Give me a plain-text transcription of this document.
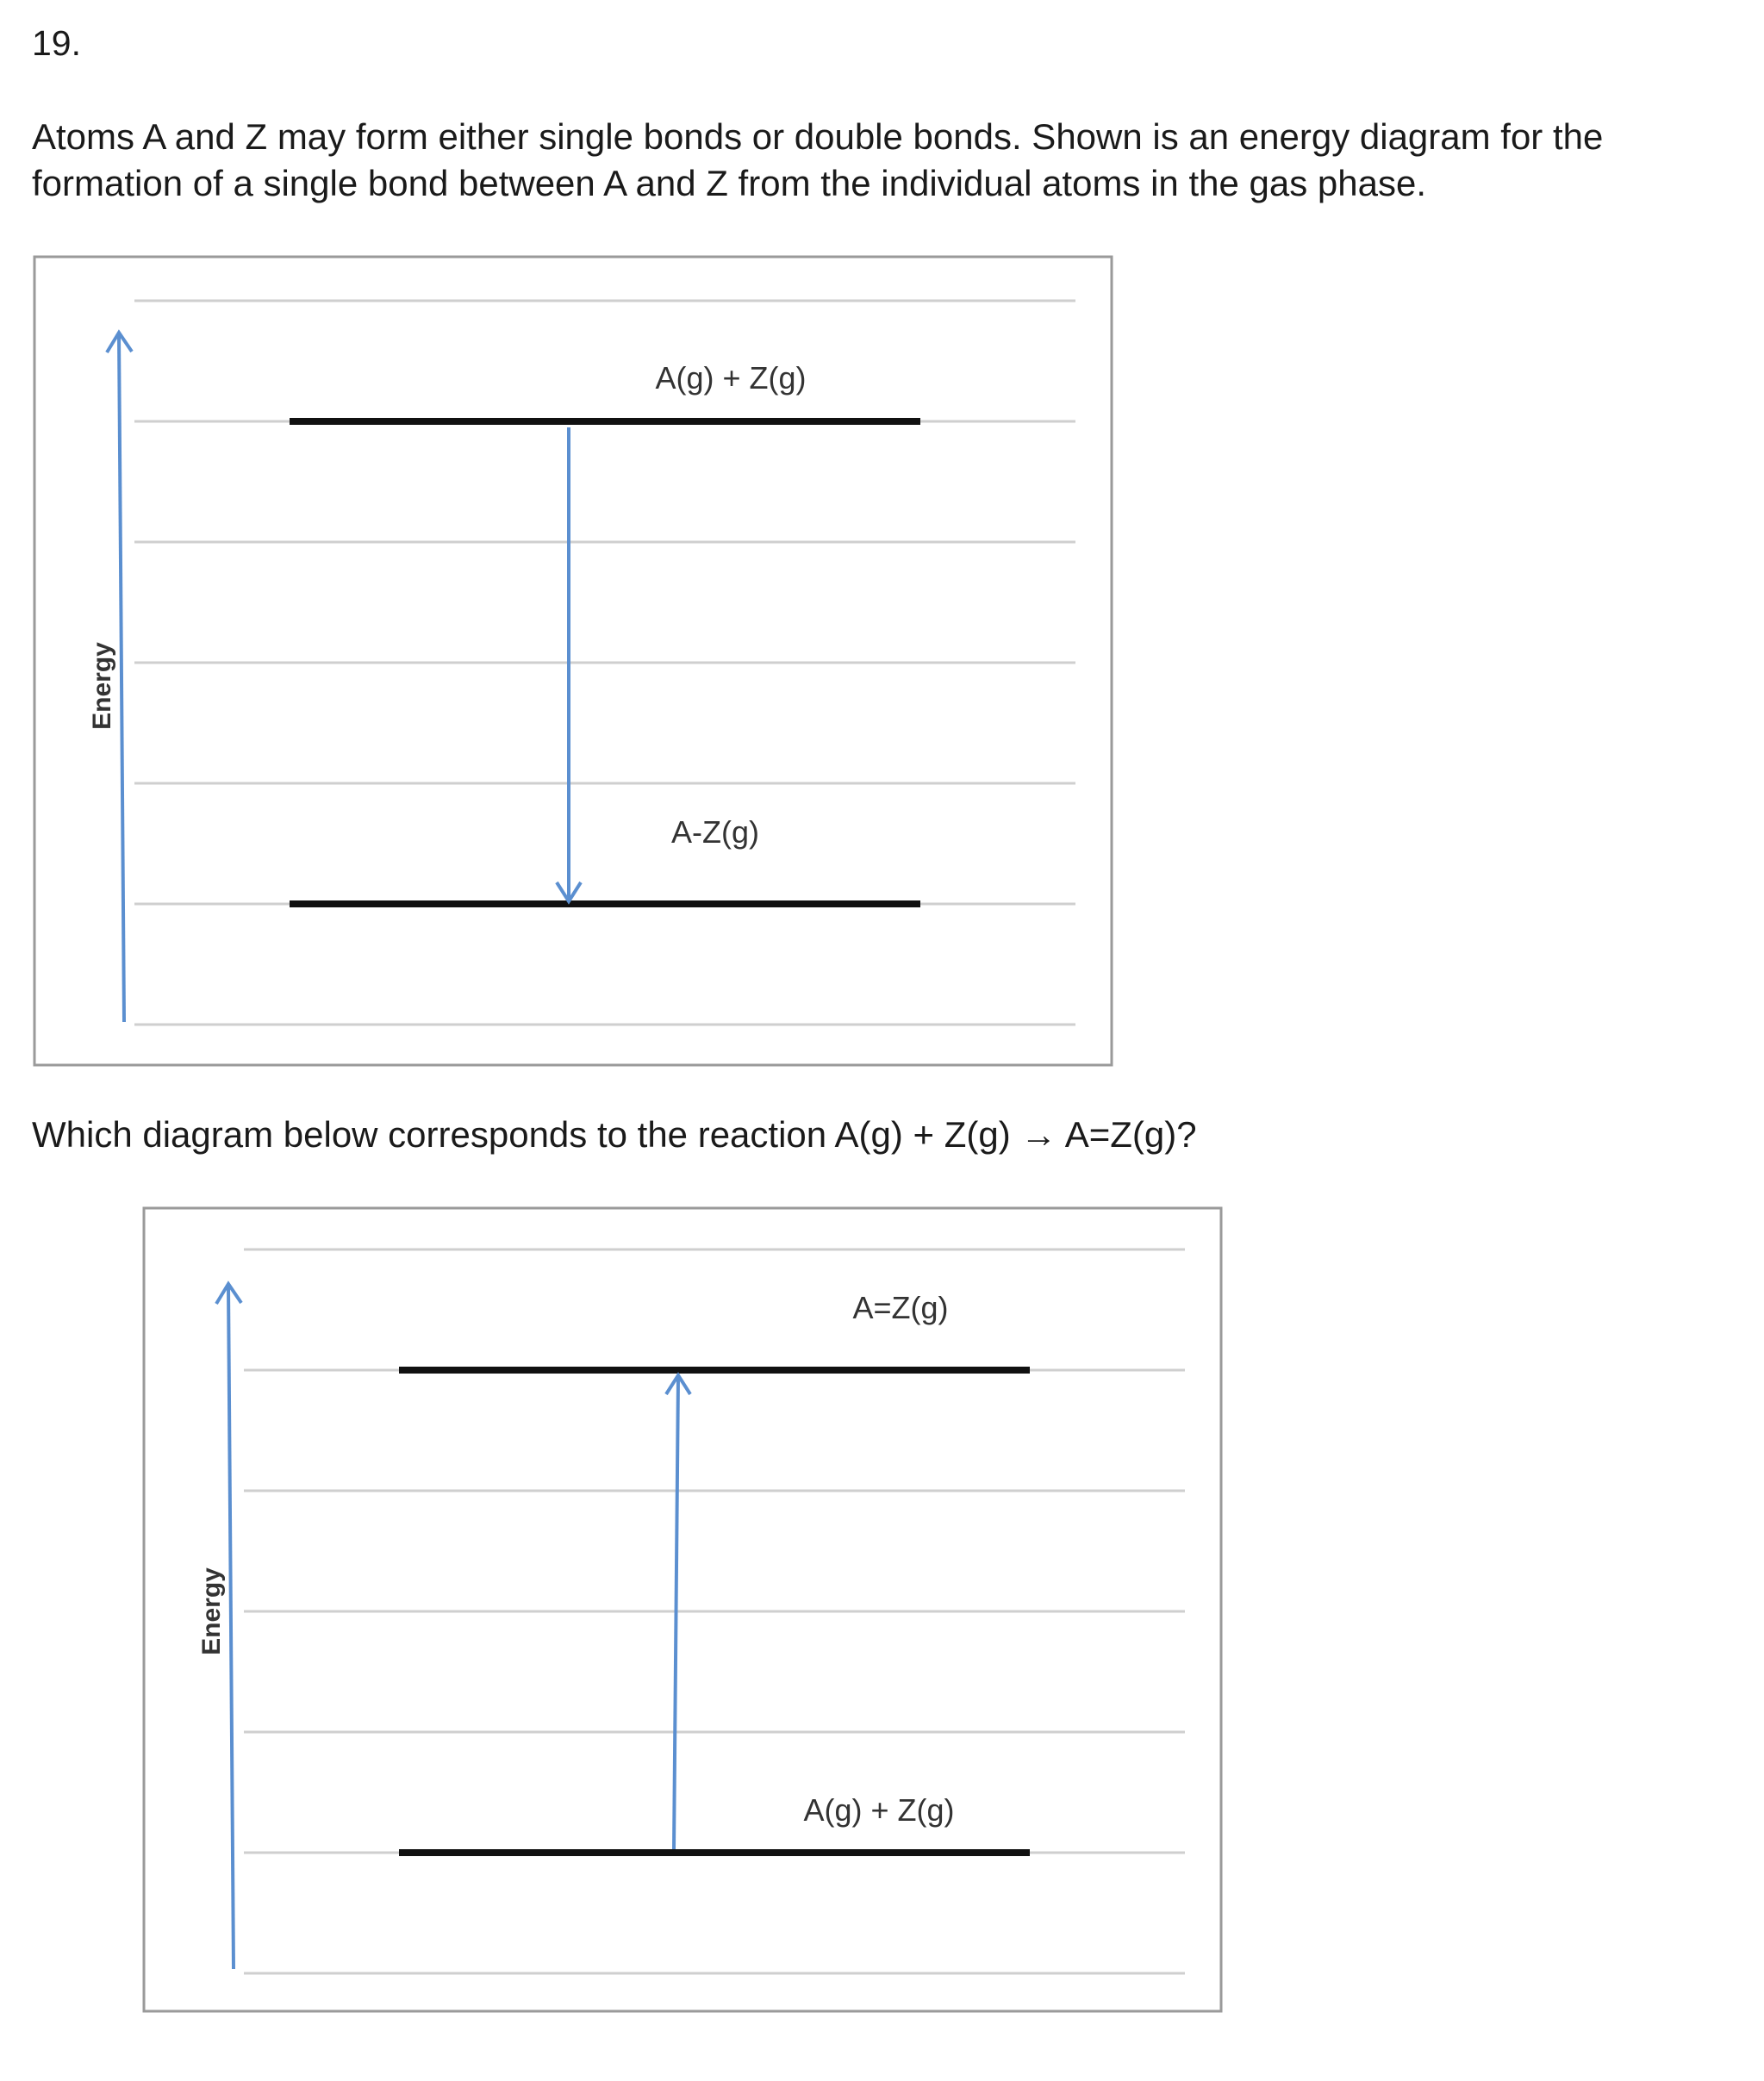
19.

Atoms A and Z may form either single bonds or double bonds. Shown is an energy diagram for the formation of a single bond between A and Z from the individual atoms in the gas phase.

Energy
A(g) + Z(g)
A-Z(g)

Which diagram below corresponds to the reaction A(g) + Z(g) → A=Z(g)?

Energy
A=Z(g)
A(g) + Z(g)
